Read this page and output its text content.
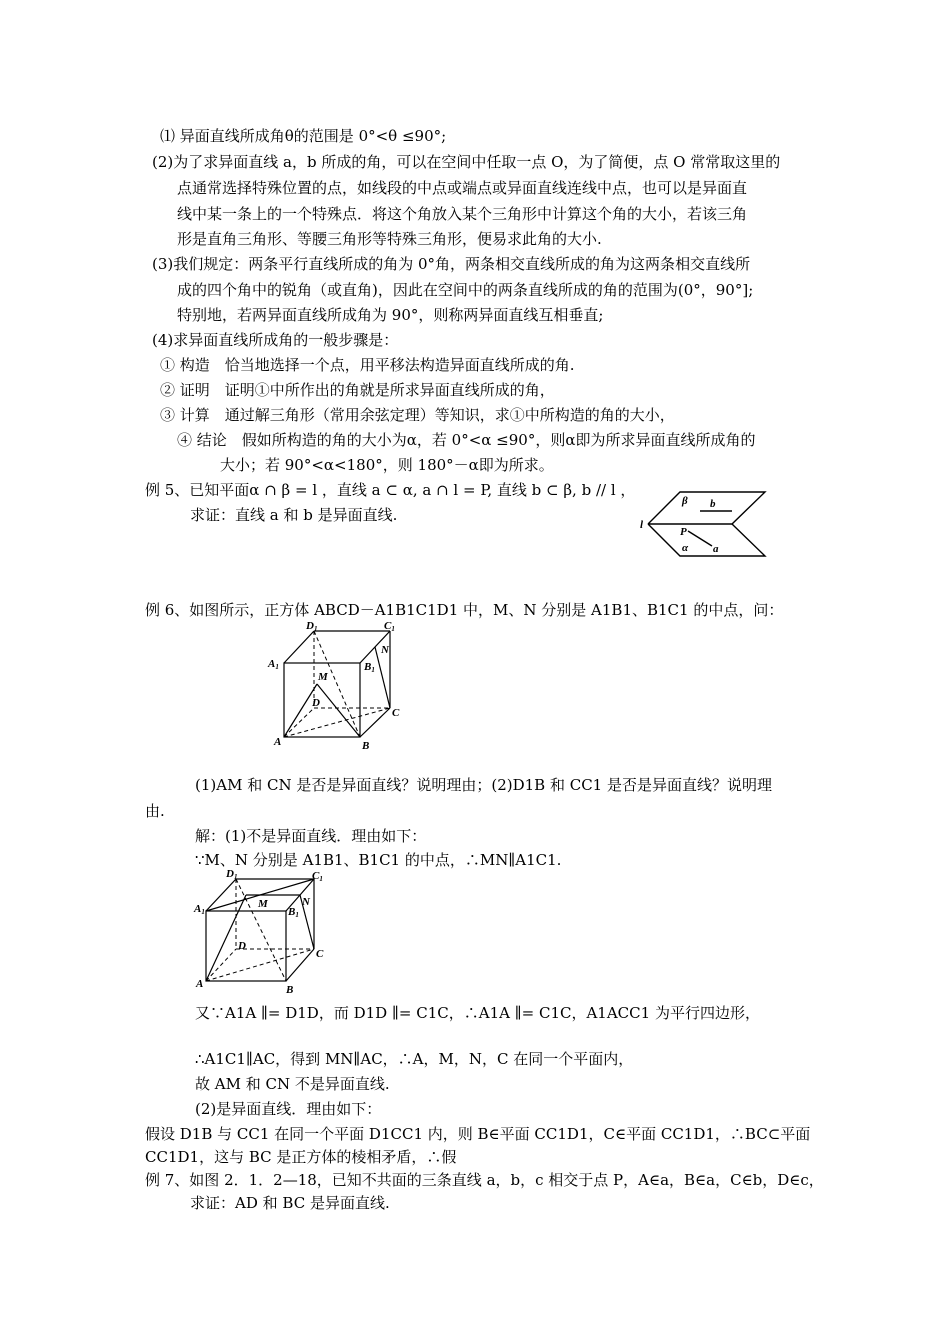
⑴ 异面直线所成角θ的范围是 0°<θ ≤90°;
(2)为了求异面直线 a，b 所成的角，可以在空间中任取一点 O，为了简便，点 O 常常取这里的
点通常选择特殊位置的点，如线段的中点或端点或异面直线连线中点，也可以是异面直
线中某一条上的一个特殊点．将这个角放入某个三角形中计算这个角的大小，若该三角
形是直角三角形、等腰三角形等特殊三角形，便易求此角的大小.
(3)我们规定：两条平行直线所成的角为 0°角，两条相交直线所成的角为这两条相交直线所
成的四个角中的锐角（或直角)，因此在空间中的两条直线所成的角的范围为(0°，90°];
特别地，若两异面直线所成角为 90°，则称两异面直线互相垂直;
(4)求异面直线所成角的一般步骤是：
① 构造　恰当地选择一个点，用平移法构造异面直线所成的角.
② 证明　证明①中所作出的角就是所求异面直线所成的角，
③ 计算　通过解三角形（常用余弦定理）等知识，求①中所构造的角的大小，
④ 结论　假如所构造的角的大小为α，若 0°<α ≤90°，则α即为所求异面直线所成角的
大小；若 90°<α<180°，则 180°－α即为所求。
例 5、已知平面α ∩ β = l ，直线 a ⊂ α, a ∩ l = P, 直线 b ⊂ β, b // l ，
求证：直线 a 和 b 是异面直线.
β b
l
P
a
α
例 6、如图所示，正方体 ABCD－A1B1C1D1 中，M、N 分别是 A1B1、B1C1 的中点，问：
D1	C1
A1	B1
N
M
D
C
A	B
(1)AM 和 CN 是否是异面直线？说明理由；(2)D1B 和 CC1 是否是异面直线？说明理
由.
解：(1)不是异面直线．理由如下：
∵M、N 分别是 A1B1、B1C1 的中点，∴MN∥A1C1.
D1	C1
A1	B1
N
M
D
C
A	B
又∵A1A ∥= D1D，而 D1D ∥= C1C，∴A1A ∥= C1C，A1ACC1 为平行四边形，
∴A1C1∥AC，得到 MN∥AC，∴A，M，N，C 在同一个平面内，
故 AM 和 CN 不是异面直线.
(2)是异面直线．理由如下：
假设 D1B 与 CC1 在同一个平面 D1CC1 内，则 B∈平面 CC1D1，C∈平面 CC1D1，∴BC⊂平面
CC1D1，这与 BC 是正方体的棱相矛盾，∴假
例 7、如图 2．1．2—18，已知不共面的三条直线 a，b，c 相交于点 P，A∈a，B∈a，C∈b，D∈c，
求证：AD 和 BC 是异面直线.
